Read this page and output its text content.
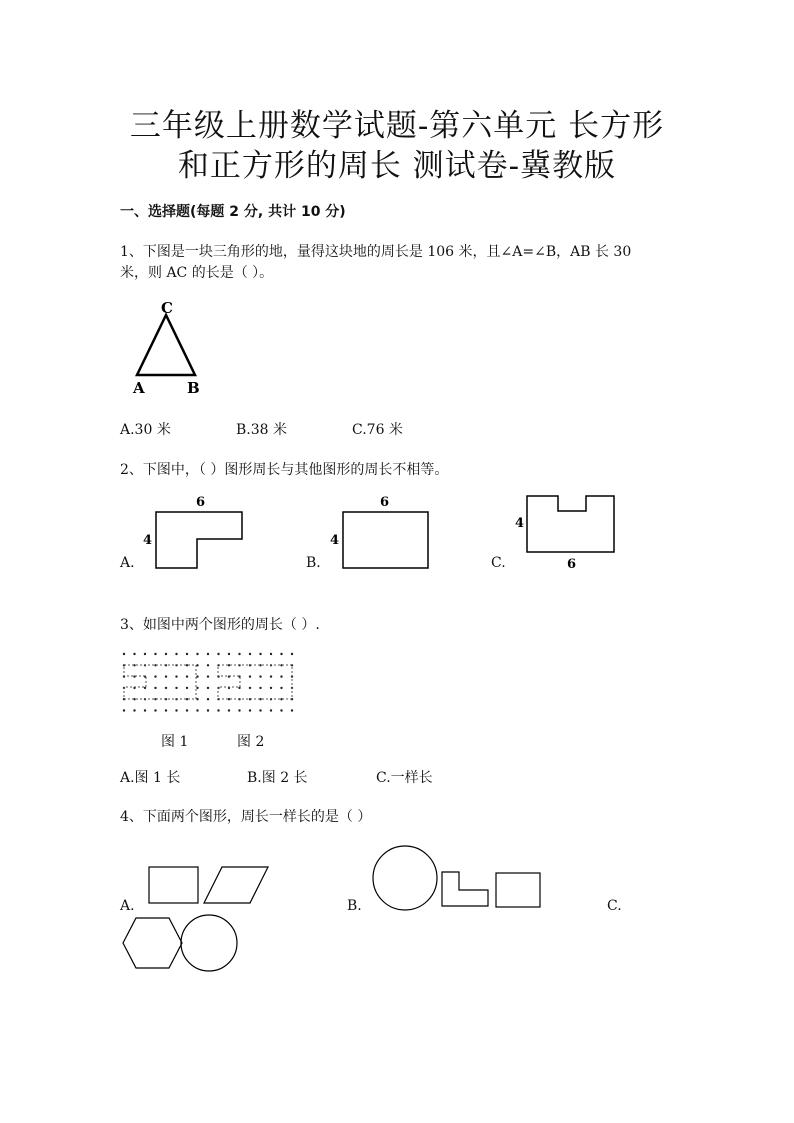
三年级上册数学试题-第六单元 长方形
和正方形的周长 测试卷-冀教版
一、选择题(每题 2 分, 共计 10 分)
1、下图是一块三角形的地，量得这块地的周长是 106 米，且∠A=∠B，AB 长 30
米，则 AC 的长是（ ）。
C
A	B
A.30 米	B.38 米	C.76 米
2、下图中，（ ）图形周长与其他图形的周长不相等。
A.
6
4
B.
6
4
C.
4
6
3、如图中两个图形的周长（ ）.
图 1	图 2
A.图 1 长	B.图 2 长	C.一样长
4、下面两个图形，周长一样长的是（ ）
A.	B.	C.
